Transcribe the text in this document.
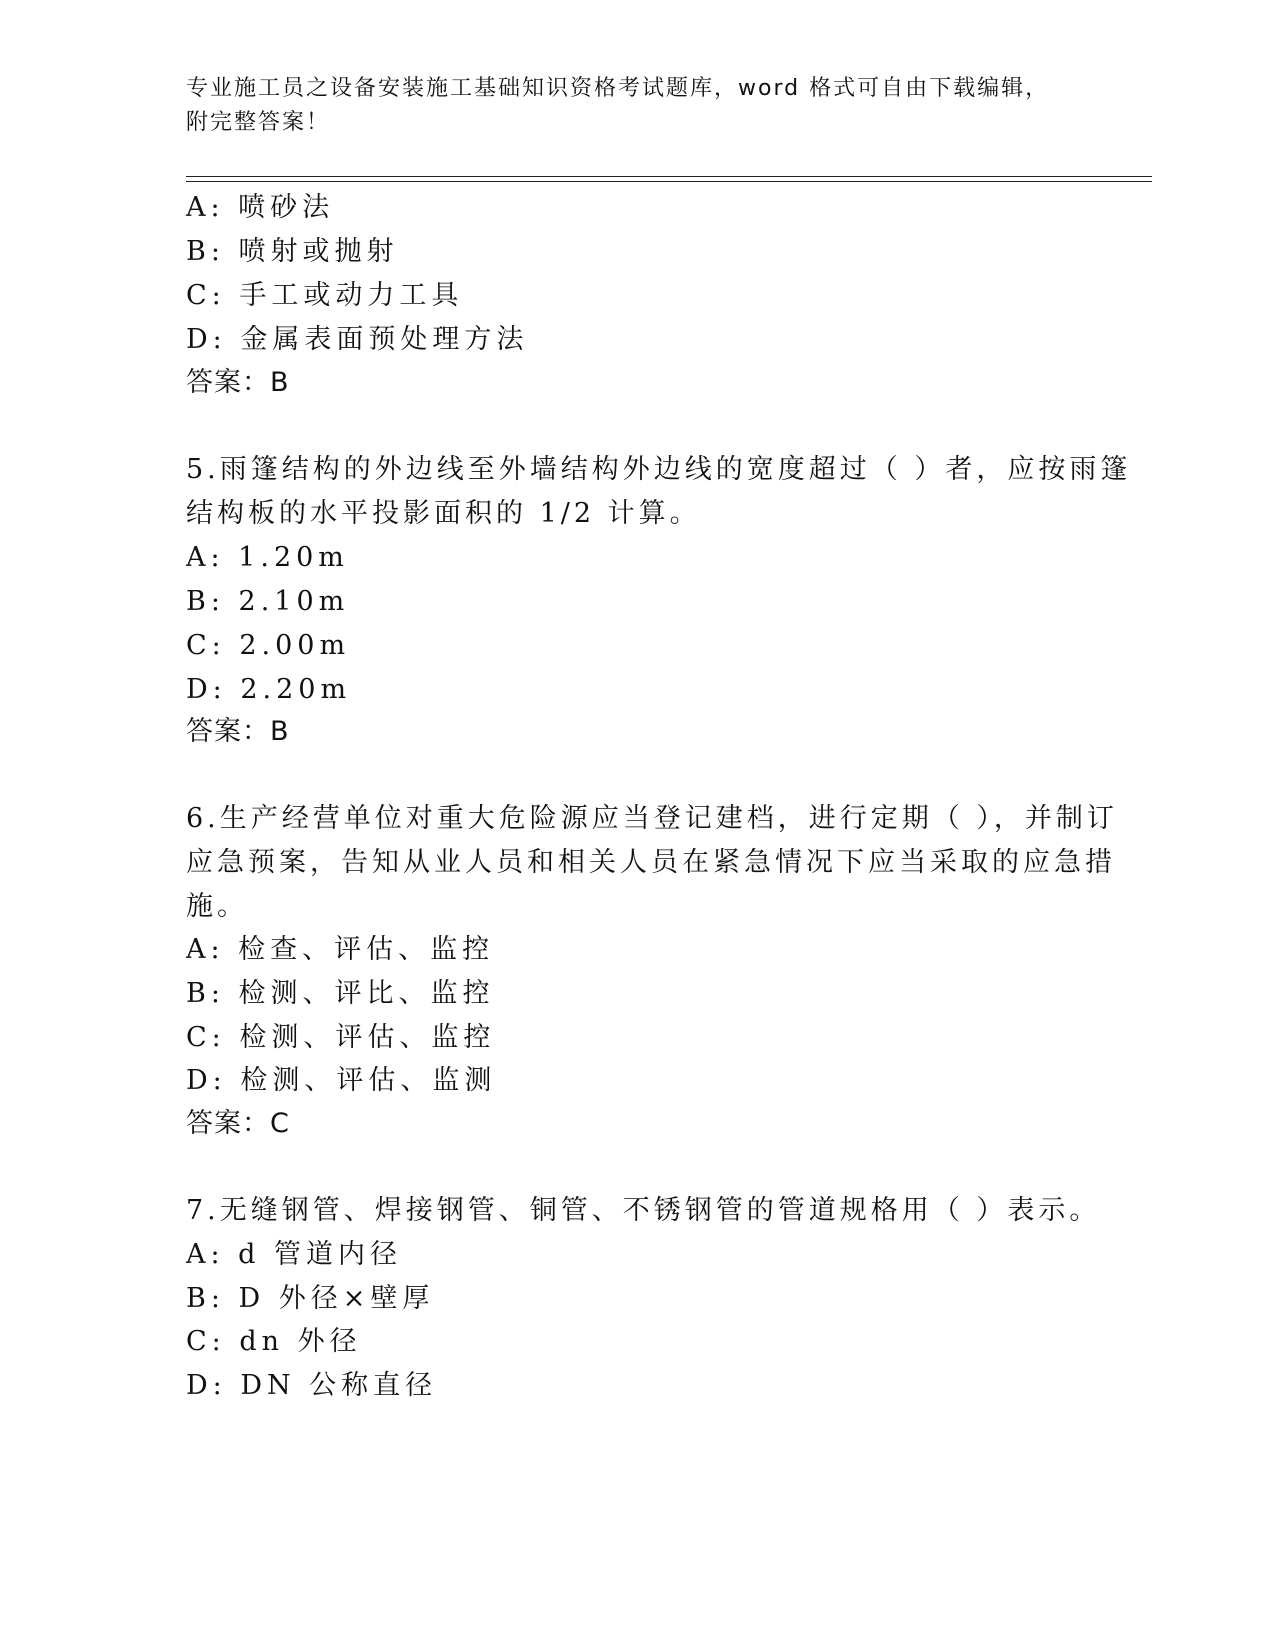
专业施工员之设备安装施工基础知识资格考试题库，word 格式可自由下载编辑，
附完整答案！
A: 喷砂法
B: 喷射或抛射
C: 手工或动力工具
D: 金属表面预处理方法
答案：B
5.雨篷结构的外边线至外墙结构外边线的宽度超过（ ）者，应按雨篷
结构板的水平投影面积的 1/2 计算。
A: 1.20m
B: 2.10m
C: 2.00m
D: 2.20m
答案：B
6.生产经营单位对重大危险源应当登记建档，进行定期（ ），并制订
应急预案，告知从业人员和相关人员在紧急情况下应当采取的应急措
施。
A: 检查、评估、监控
B: 检测、评比、监控
C: 检测、评估、监控
D: 检测、评估、监测
答案：C
7.无缝钢管、焊接钢管、铜管、不锈钢管的管道规格用（ ）表示。
A: d 管道内径
B: D 外径×壁厚
C: dn 外径
D: DN 公称直径
